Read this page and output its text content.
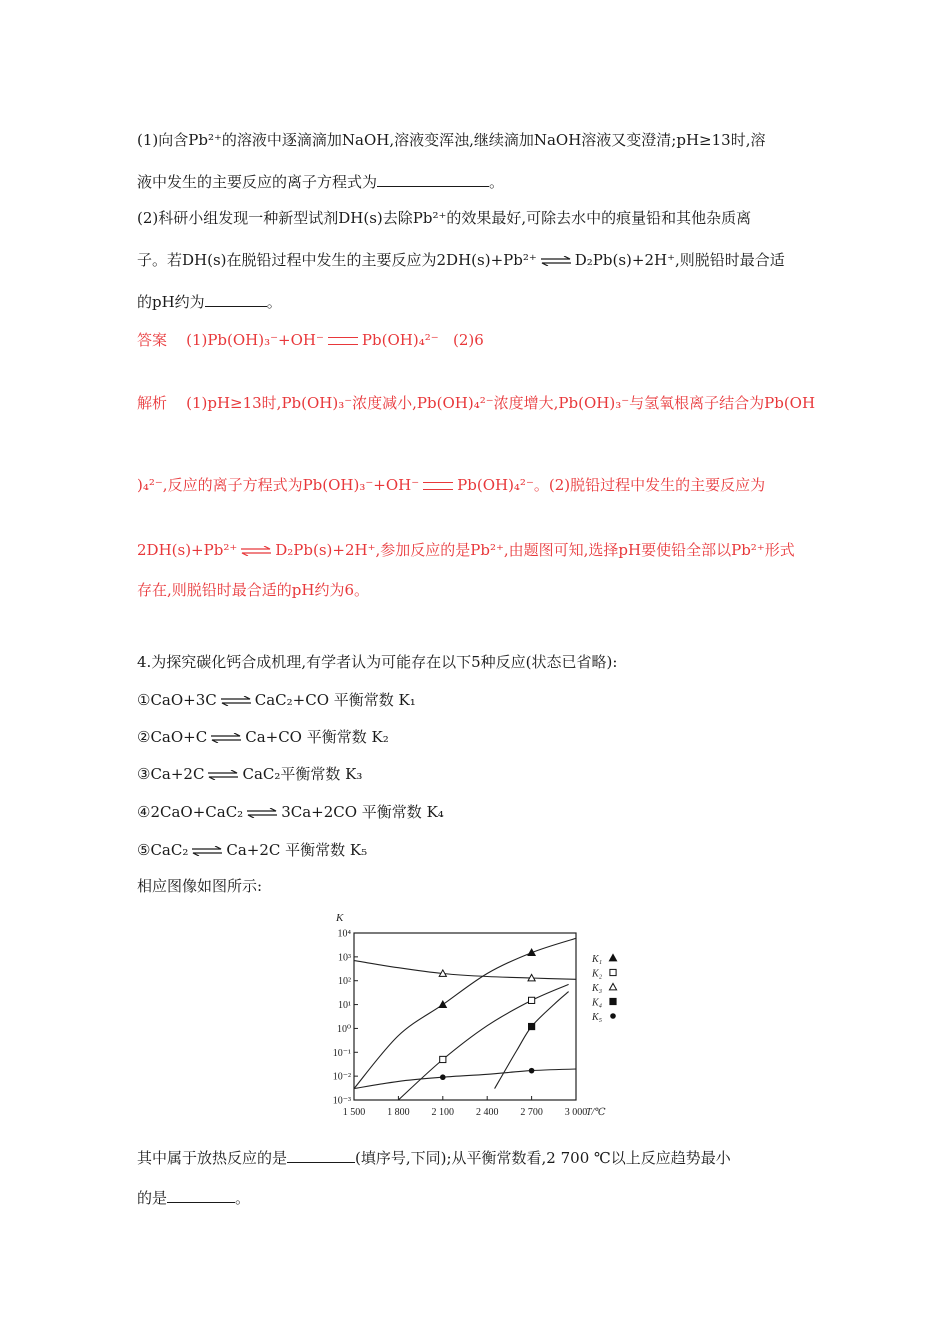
(1)向含Pb²⁺的溶液中逐滴滴加NaOH,溶液变浑浊,继续滴加NaOH溶液又变澄清;pH≥13时,溶
液中发生的主要反应的离子方程式为	。
(2)科研小组发现一种新型试剂DH(s)去除Pb²⁺的效果最好,可除去水中的痕量铅和其他杂质离
子。若DH(s)在脱铅过程中发生的主要反应为2DH(s)+Pb²⁺ ⇌ D₂Pb(s)+2H⁺,则脱铅时最合适
的pH约为	。
答案 (1)Pb(OH)₃⁻+OH⁻	Pb(OH)₄²⁻ (2)6
解析 (1)pH≥13时,Pb(OH)₃⁻浓度减小,Pb(OH)₄²⁻浓度增大,Pb(OH)₃⁻与氢氧根离子结合为Pb(OH
)₄²⁻,反应的离子方程式为Pb(OH)₃⁻+OH⁻	Pb(OH)₄²⁻。(2)脱铅过程中发生的主要反应为
2DH(s)+Pb²⁺ ⇌ D₂Pb(s)+2H⁺,参加反应的是Pb²⁺,由题图可知,选择pH要使铅全部以Pb²⁺形式
存在,则脱铅时最合适的pH约为6。
4.为探究碳化钙合成机理,有学者认为可能存在以下5种反应(状态已省略):
①CaO+3C ⇌ CaC₂+CO 平衡常数 K₁
②CaO+C ⇌ Ca+CO 平衡常数 K₂
③Ca+2C ⇌ CaC₂平衡常数 K₃
④2CaO+CaC₂ ⇌ 3Ca+2CO 平衡常数 K₄
⑤CaC₂ ⇌ Ca+2C 平衡常数 K₅
相应图像如图所示:
10⁴
10³
10²
10¹
10⁰
10⁻¹
10⁻²
10⁻³
1 500 1 800 2 100 2 400 2 700 3 000
K
T/℃
K₁
K₂
K₃
K₄
K₅
其中属于放热反应的是	(填序号,下同);从平衡常数看,2 700 ℃以上反应趋势最小
的是	。
